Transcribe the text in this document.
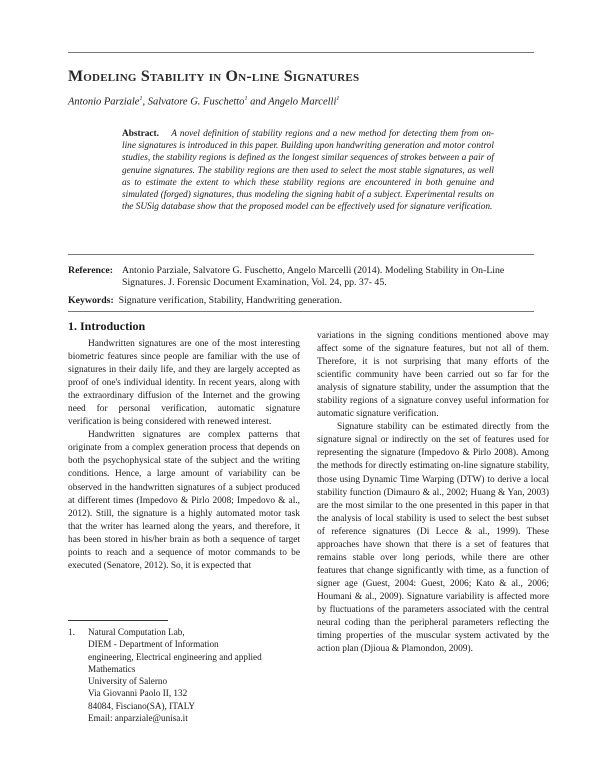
Modeling Stability in On-line Signatures
Antonio Parziale$^1$, Salvatore G. Fuschetto$^1$ and Angelo Marcelli$^1$
Abstract. A novel definition of stability regions and a new method for detecting them from on-line signatures is introduced in this paper. Building upon handwriting generation and motor control studies, the stability regions is defined as the longest similar sequences of strokes between a pair of genuine signatures. The stability regions are then used to select the most stable signatures, as well as to estimate the extent to which these stability regions are encountered in both genuine and simulated (forged) signatures, thus modeling the signing habit of a subject. Experimental results on the SUSig database show that the proposed model can be effectively used for signature verification.
Reference: Antonio Parziale, Salvatore G. Fuschetto, Angelo Marcelli (2014). Modeling Stability in On-Line Signatures. J. Forensic Document Examination, Vol. 24, pp. 37- 45.
Keywords: Signature verification, Stability, Handwriting generation.
1. Introduction

Handwritten signatures are one of the most interesting biometric features since people are familiar with the use of signatures in their daily life, and they are largely accepted as proof of one's individual identity. In recent years, along with the extraordinary diffusion of the Internet and the growing need for personal verification, automatic signature verification is being considered with renewed interest.

Handwritten signatures are complex patterns that originate from a complex generation process that depends on both the psychophysical state of the subject and the writing conditions. Hence, a large amount of variability can be observed in the handwritten signatures of a subject produced at different times (Impedovo & Pirlo 2008; Impedovo & al., 2012). Still, the signature is a highly automated motor task that the writer has learned along the years, and therefore, it has been stored in his/her brain as both a sequence of target points to reach and a sequence of motor commands to be executed (Senatore, 2012). So, it is expected that

1. Natural Computation Lab,
DIEM - Department of Information
engineering, Electrical engineering and applied
Mathematics
University of Salerno
Via Giovanni Paolo II, 132
84084, Fisciano(SA), ITALY
Email: anparziale@unisa.it

variations in the signing conditions mentioned above may affect some of the signature features, but not all of them. Therefore, it is not surprising that many efforts of the scientific community have been carried out so far for the analysis of signature stability, under the assumption that the stability regions of a signature convey useful information for automatic signature verification.

Signature stability can be estimated directly from the signature signal or indirectly on the set of features used for representing the signature (Impedovo & Pirlo 2008). Among the methods for directly estimating on-line signature stability, those using Dynamic Time Warping (DTW) to derive a local stability function (Dimauro & al., 2002; Huang & Yan, 2003) are the most similar to the one presented in this paper in that the analysis of local stability is used to select the best subset of reference signatures (Di Lecce & al., 1999). These approaches have shown that there is a set of features that remains stable over long periods, while there are other features that change significantly with time, as a function of signer age (Guest, 2004: Guest, 2006; Kato & al., 2006; Houmani & al., 2009). Signature variability is affected more by fluctuations of the parameters associated with the central neural coding than the peripheral parameters reflecting the timing properties of the muscular system activated by the action plan (Djioua & Plamondon, 2009).
